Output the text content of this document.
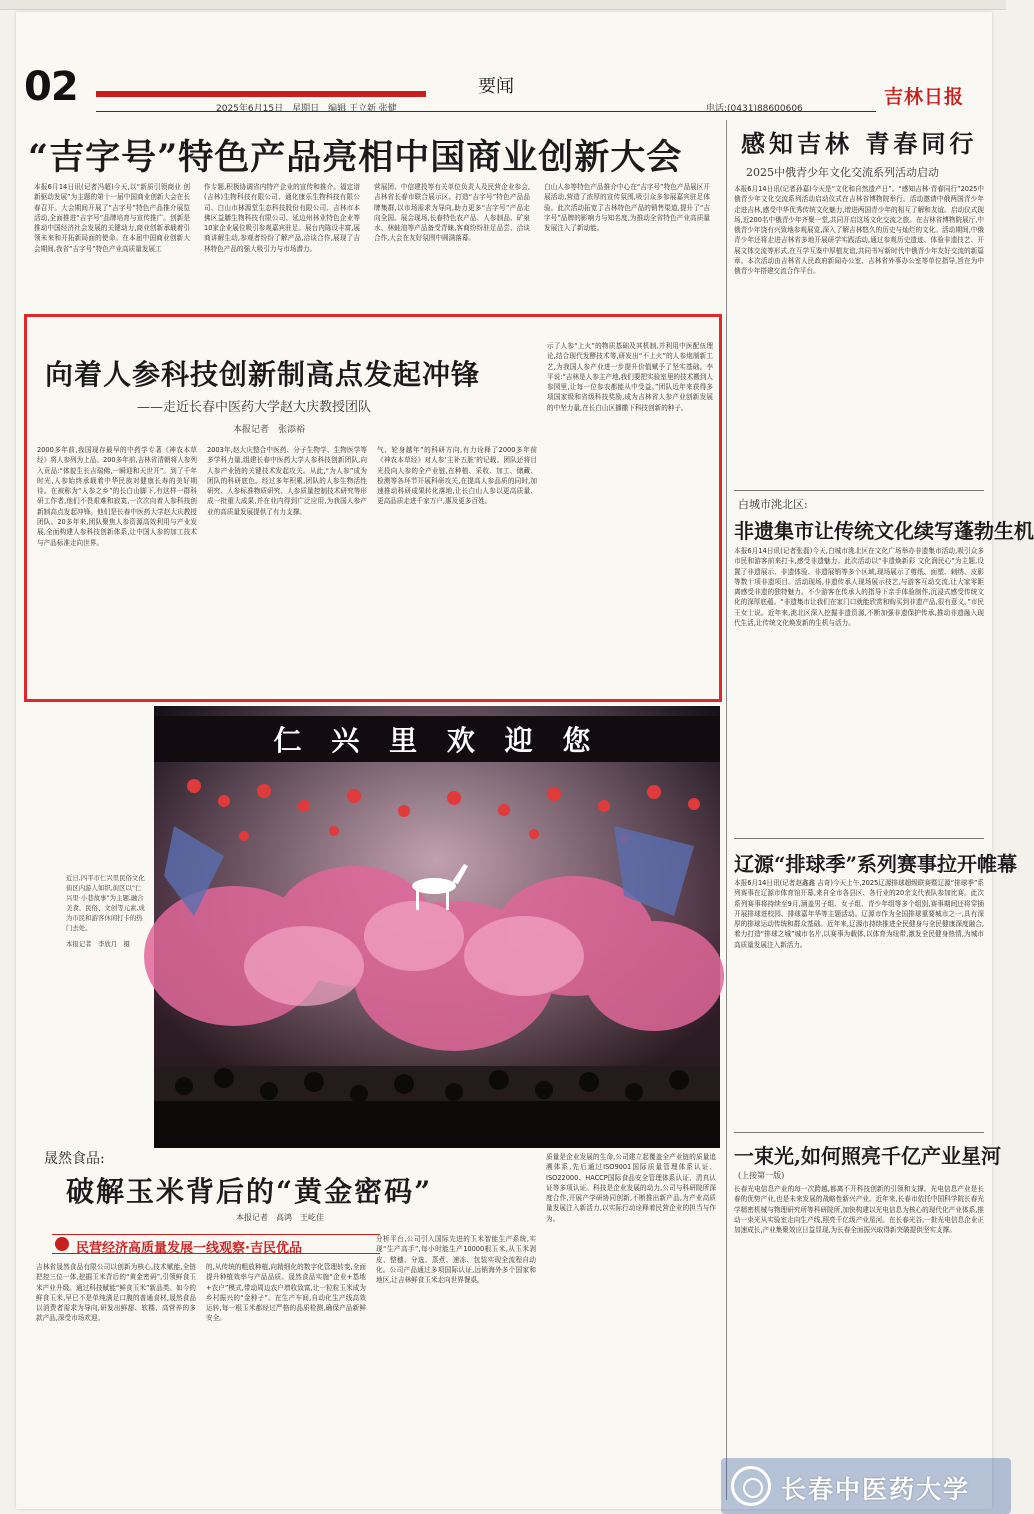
02	要闻
2025年6月15日　星期日　编辑 王立新 张健	电话:(0431)88600606
吉林日报
“吉字号”特色产品亮相中国商业创新大会
本报6月14日讯(记者冯超)今天,以“新质引领商业 创新驱动发展”为主题的第十一届中国商业创新大会在长春召开。大会期间开展了“吉字号”特色产品推介展览活动,全面推进“吉字号”品牌培育与宣传推广。创新是推动中国经济社会发展的关键动力,商业创新承载着引领未来和开拓新局面的使命。在本届中国商业创新大会期间,我省“吉字号”特色产业高质量发展工
作专题,积极协调省内特产企业的宣传和推介。福定谱(吉林)生物科技有限公司、通化康乐生物科技有限公司、白山市林源堂生态科技股份有限公司、吉林市本佛区益膳生物科技有限公司、延边州林业特色企业等10家企业展位吸引参观嘉宾驻足。展台内陈设丰富,展商讲解生动,参观者纷纷了解产品,洽谈合作,展现了吉林特色产品的强大吸引力与市场潜力。
营展团、中信建投等有关单位负责人及民营企业参会,吉林省长春市联合展示区。打造“吉字号”特色产品品牌集群,以市场需求为导向,助力更多“吉字号”产品走向全国。展会现场,长春特色农产品、人参制品、矿泉水、林蛙油等产品备受青睐,客商纷纷驻足品尝、洽谈合作,大会在友好氛围中圆满落幕。
白山人参等特色产品推介中心在“吉字号”特色产品展区开展活动,营造了浓厚的宣传氛围,吸引众多参展嘉宾驻足体验。此次活动拓宽了吉林特色产品的销售渠道,提升了“吉字号”品牌的影响力与知名度,为推动全省特色产业高质量发展注入了新动能。
向着人参科技创新制高点发起冲锋
——走近长春中医药大学赵大庆教授团队
本报记者　张添裕
2000多年前,我国现存最早的中药学专著《神农本草经》将人参列为上品。200多年前,吉林省清朝将人参列入贡品:“体貌生长吉瑞佛,一瞬迎和天世开”。到了千年时光,人参始终承载着中华民族对健康长寿的美好期待。在被称为“人参之乡”的长白山脚下,有这样一群科研工作者,他们不畏艰难和寂寞,一次次向着人参科技创新制高点发起冲锋。他们是长春中医药大学赵大庆教授团队。20多年来,团队聚焦人参资源高效利用与产业发展,全面构建人参科技创新体系,让中国人参的加工技术与产品标准走向世界。
2003年,赵大庆整合中医药、分子生物学、生物医学等多学科力量,组建长春中医药大学人参科技创新团队,向人参产业链的关键技术发起攻关。从此,“为人参”成为团队的科研底色。经过多年积累,团队的人参生物活性研究、人参标准物质研究、人参质量控制技术研究等形成一批重大成果,并在业内得到广泛应用,为我国人参产业的高质量发展提供了有力支撑。
气、轮身越年”的科研方向,有力诠释了2000多年前《神农本草经》对人参‘主补五脏’的记载。团队还将目光投向人参的全产业链,在种植、采收、加工、储藏、检测等各环节开展科研攻关,在提高人参品质的同时,加速推动科研成果转化落地,让长白山人参以更高质量、更高品质走进千家万户,惠及更多百姓。
示了人参“上火”的物质基础及其机制,并利用中医配伍理论,结合现代发酵技术等,研发出“不上火”的人参炮制新工艺,为我国人参产业进一步提升价值赋予了坚实基础。李平说:“吉林是人参主产地,我们要把实验室里的技术搬到人参园里,让每一位参农都能从中受益。”团队近年来获得多项国家级和省级科技奖励,成为吉林省人参产业创新发展的中坚力量,在长白山区播撒下科技创新的种子。
仁 兴 里 欢 迎 您
近日,四平市仁兴里民俗文化街区内游人如织,街区以“仁兴里·小巷故事”为主题,融合美食、民俗、文创等元素,成为市民和游客休闲打卡的热门去处。
本报记者　李欣月　摄
晟然食品:
破解玉米背后的“黄金密码”
本报记者　高鸿　王屹佳
民营经济高质量发展一线观察·吉民优品
吉林省晟然食品有限公司以创新为核心,技术赋能,全链把控三位一体,挖掘玉米背后的“黄金密码”,引领鲜食玉米产业升级。通过科技赋能“鲜食玉米”新品类。如今的鲜食玉米,早已不是单纯满足口腹的普通食材,晟然食品以消费者需求为导向,研发出鲜甜、软糯、高营养的多款产品,深受市场欢迎。
的,从传统的粗放种植,向精细化的数字化管理转变,全面提升种植效率与产品品质。晟然食品实施“企业+基地+农户”模式,带动周边农户增收致富,让一粒粒玉米成为乡村振兴的“金种子”。在生产车间,自动化生产线高效运转,每一根玉米都经过严格的品质检测,确保产品新鲜安全。
分析平台,公司引入国际先进的玉米智能生产系统,实现“生产高手”,每小时能生产10000根玉米,从玉米剥皮、整穗、分选、蒸煮、速冻、包装实现全流程自动化。公司产品通过多项国际认证,远销海外多个国家和地区,让吉林鲜食玉米走向世界餐桌。
质量是企业发展的生命,公司建立起覆盖全产业链的质量追溯体系,先后通过ISO9001国际质量管理体系认证、ISO22000、HACCP国际食品安全管理体系认证、清真认证等多项认证。科技是企业发展的动力,公司与科研院所深度合作,开展产学研协同创新,不断推出新产品,为产业高质量发展注入新活力,以实际行动诠释着民营企业的担当与作为。
感知吉林 青春同行
2025中俄青少年文化交流系列活动启动
本报6月14日讯(记者孙嘉)今天是“文化和自然遗产日”。“感知吉林·青春同行”2025中俄青少年文化交流系列活动启动仪式在吉林省博物院举行。活动邀请中俄两国青少年走进吉林,感受中华优秀传统文化魅力,增进两国青少年的相互了解和友谊。启动仪式现场,近200名中俄青少年齐聚一堂,共同开启这场文化交流之旅。在吉林省博物院展厅,中俄青少年饶有兴致地参观展览,深入了解吉林悠久的历史与灿烂的文化。活动期间,中俄青少年还将走进吉林省多地开展研学实践活动,通过参观历史遗迹、体验非遗技艺、开展文体交流等形式,在互学互鉴中厚植友谊,共同书写新时代中俄青少年友好交流的新篇章。本次活动由吉林省人民政府新闻办公室、吉林省外事办公室等单位指导,旨在为中俄青少年搭建交流合作平台。
白城市洮北区:
非遗集市让传统文化续写蓬勃生机
本报6月14日讯(记者张磊)今天,白城市洮北区在文化广场举办非遗集市活动,吸引众多市民和游客前来打卡,感受非遗魅力。此次活动以“非遗焕新彩 文化润民心”为主题,设置了非遗展示、非遗体验、非遗展销等多个区域,现场展示了剪纸、面塑、刺绣、皮影等数十项非遗项目。活动现场,非遗传承人现场展示技艺,与游客互动交流,让大家零距离感受非遗的独特魅力。不少游客在传承人的指导下亲手体验制作,沉浸式感受传统文化的深厚底蕴。“非遗集市让我们在家门口就能欣赏和购买到非遗产品,很有意义。”市民王女士说。近年来,洮北区深入挖掘非遗资源,不断加强非遗保护传承,推动非遗融入现代生活,让传统文化焕发新的生机与活力。
辽源“排球季”系列赛事拉开帷幕
本报6月14日讯(记者赵鑫鑫 吉奇)今天上午,2025辽源排球超级联赛暨辽源“排球季”系列赛事在辽源市体育馆开幕,来自全市各县区、各行业的20余支代表队参加比赛。此次系列赛事将持续至9月,涵盖男子组、女子组、青少年组等多个组别,赛事期间还将穿插开展排球进校园、排球嘉年华等主题活动。辽源市作为全国排球重要城市之一,具有深厚的排球运动传统和群众基础。近年来,辽源市持续推进全民健身与全民健康深度融合,着力打造“排球之城”城市名片,以赛事为载体,以体育为纽带,激发全民健身热情,为城市高质量发展注入新活力。
一束光,如何照亮千亿产业星河
(上接第一版)
长春光电信息产业的每一次跨越,都离不开科技创新的引领和支撑。光电信息产业是长春的优势产业,也是未来发展的战略性新兴产业。近年来,长春市依托中国科学院长春光学精密机械与物理研究所等科研院所,加快构建以光电信息为核心的现代化产业体系,推动一束光从实验室走向生产线,照亮千亿级产业星河。在长春光谷,一批光电信息企业正加速成长,产业集聚效应日益显现,为长春全面振兴取得新突破提供坚实支撑。
长春中医药大学
